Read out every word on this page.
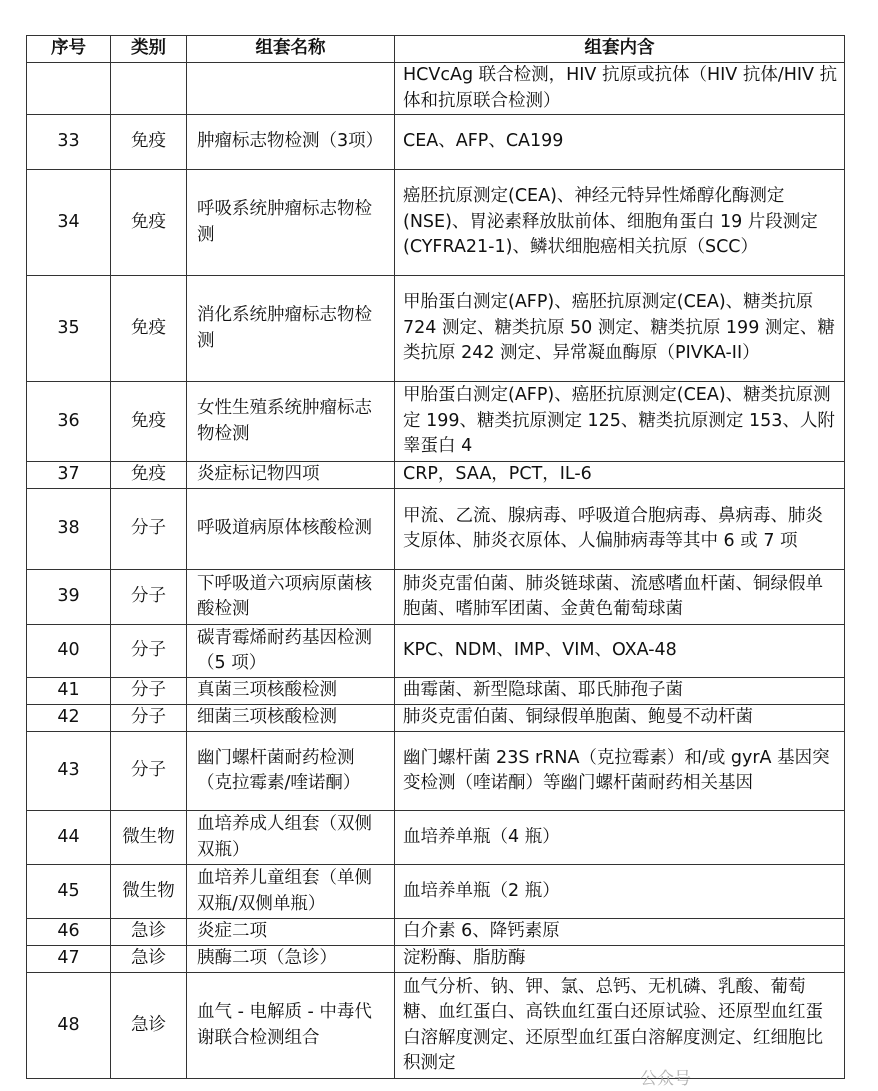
序号	类别	组套名称	组套内含
			HCVcAg 联合检测，HIV 抗原或抗体（HIV 抗体/HIV 抗体和抗原联合检测）
33	免疫	肿瘤标志物检测（3项）	CEA、AFP、CA199
34	免疫	呼吸系统肿瘤标志物检测	癌胚抗原测定(CEA)、神经元特异性烯醇化酶测定(NSE)、胃泌素释放肽前体、细胞角蛋白 19 片段测定(CYFRA21-1)、鳞状细胞癌相关抗原（SCC）
35	免疫	消化系统肿瘤标志物检测	甲胎蛋白测定(AFP)、癌胚抗原测定(CEA)、糖类抗原 724 测定、糖类抗原 50 测定、糖类抗原 199 测定、糖类抗原 242 测定、异常凝血酶原（PIVKA-II）
36	免疫	女性生殖系统肿瘤标志物检测	甲胎蛋白测定(AFP)、癌胚抗原测定(CEA)、糖类抗原测定 199、糖类抗原测定 125、糖类抗原测定 153、人附睾蛋白 4
37	免疫	炎症标记物四项	CRP，SAA，PCT，IL-6
38	分子	呼吸道病原体核酸检测	甲流、乙流、腺病毒、呼吸道合胞病毒、鼻病毒、肺炎支原体、肺炎衣原体、人偏肺病毒等其中 6 或 7 项
39	分子	下呼吸道六项病原菌核酸检测	肺炎克雷伯菌、肺炎链球菌、流感嗜血杆菌、铜绿假单胞菌、嗜肺军团菌、金黄色葡萄球菌
40	分子	碳青霉烯耐药基因检测（5 项）	KPC、NDM、IMP、VIM、OXA-48
41	分子	真菌三项核酸检测	曲霉菌、新型隐球菌、耶氏肺孢子菌
42	分子	细菌三项核酸检测	肺炎克雷伯菌、铜绿假单胞菌、鲍曼不动杆菌
43	分子	幽门螺杆菌耐药检测（克拉霉素/喹诺酮）	幽门螺杆菌 23S rRNA（克拉霉素）和/或 gyrA 基因突变检测（喹诺酮）等幽门螺杆菌耐药相关基因
44	微生物	血培养成人组套（双侧双瓶）	血培养单瓶（4 瓶）
45	微生物	血培养儿童组套（单侧双瓶/双侧单瓶）	血培养单瓶（2 瓶）
46	急诊	炎症二项	白介素 6、降钙素原
47	急诊	胰酶二项（急诊）	淀粉酶、脂肪酶
48	急诊	血气 - 电解质 - 中毒代谢联合检测组合	血气分析、钠、钾、氯、总钙、无机磷、乳酸、葡萄糖、血红蛋白、高铁血红蛋白还原试验、还原型血红蛋白溶解度测定、还原型血红蛋白溶解度测定、红细胞比积测定
公众号
